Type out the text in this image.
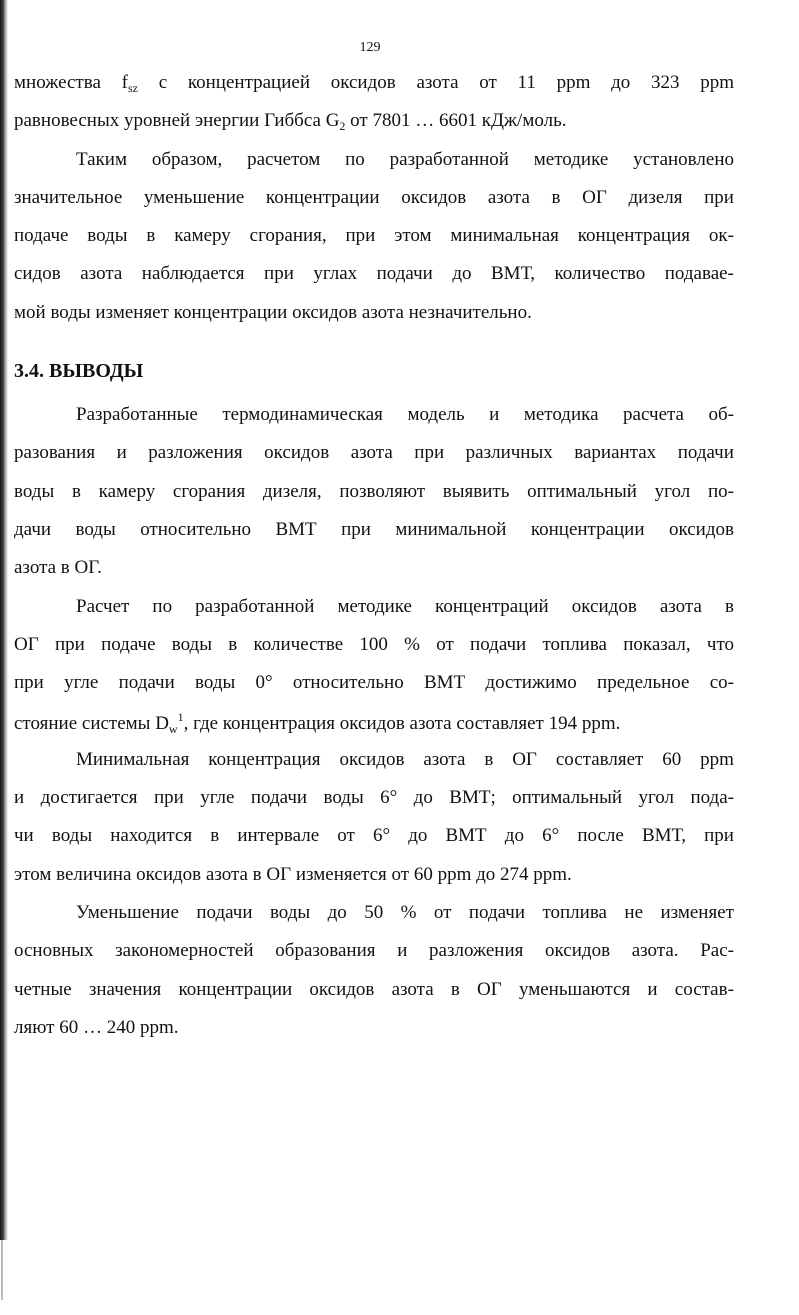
129
множества $f_{sz}$ с концентрацией оксидов азота от 11 ppm до 323 ppm
равновесных уровней энергии Гиббса $G_2$ от 7801 … 6601 кДж/моль.
Таким образом, расчетом по разработанной методике установлено
значительное уменьшение концентрации оксидов азота в ОГ дизеля при
подаче воды в камеру сгорания, при этом минимальная концентрация ок-
сидов азота наблюдается при углах подачи до ВМТ, количество подавае-
мой воды изменяет концентрации оксидов азота незначительно.
3.4. ВЫВОДЫ
Разработанные термодинамическая модель и методика расчета об-
разования и разложения оксидов азота при различных вариантах подачи
воды в камеру сгорания дизеля, позволяют выявить оптимальный угол по-
дачи воды относительно ВМТ при минимальной концентрации оксидов
азота в ОГ.
Расчет по разработанной методике концентраций оксидов азота в
ОГ при подаче воды в количестве 100 % от подачи топлива показал, что
при угле подачи воды 0° относительно ВМТ достижимо предельное со-
стояние системы $D_w^1$, где концентрация оксидов азота составляет 194 ppm.
Минимальная концентрация оксидов азота в ОГ составляет 60 ppm
и достигается при угле подачи воды 6° до ВМТ; оптимальный угол пода-
чи воды находится в интервале от 6° до ВМТ до 6° после ВМТ, при
этом величина оксидов азота в ОГ изменяется от 60 ppm до 274 ppm.
Уменьшение подачи воды до 50 % от подачи топлива не изменяет
основных закономерностей образования и разложения оксидов азота. Рас-
четные значения концентрации оксидов азота в ОГ уменьшаются и состав-
ляют 60 … 240 ppm.
